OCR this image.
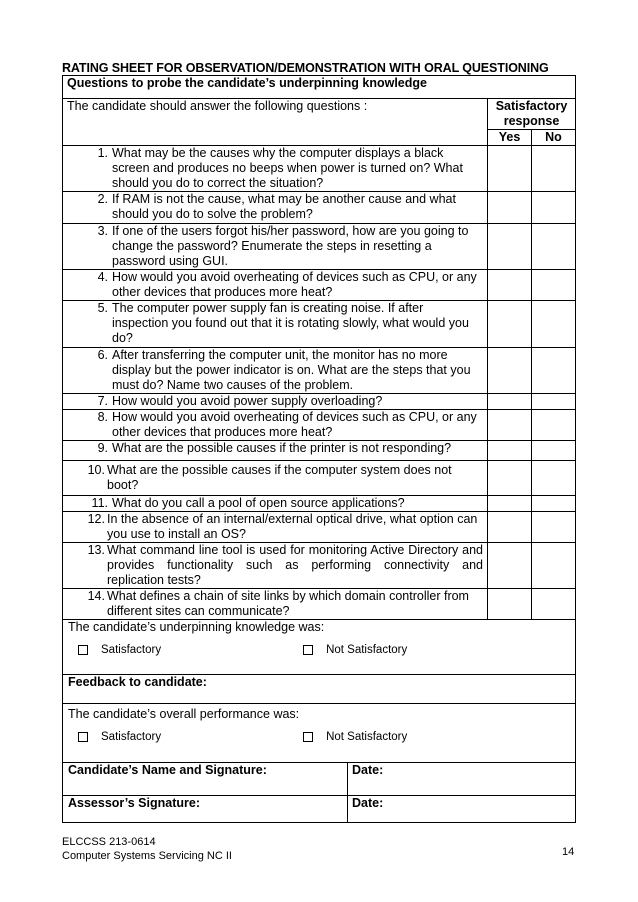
RATING SHEET FOR OBSERVATION/DEMONSTRATION WITH ORAL QUESTIONING
Questions to probe the candidate’s underpinning knowledge			
The candidate should answer the following questions :		Satisfactory response	
		Yes	No

1. What may be the causes why the computer displays a black screen and produces no beeps when power is turned on? What should you do to correct the situation?			

2. If RAM is not the cause, what may be another cause and what should you do to solve the problem?			

3. If one of the users forgot his/her password, how are you going to change the password? Enumerate the steps in resetting a password using GUI.			

4. How would you avoid overheating of devices such as CPU, or any other devices that produces more heat?			

5. The computer power supply fan is creating noise. If after inspection you found out that it is rotating slowly, what would you do?			

6. After transferring the computer unit, the monitor has no more display but the power indicator is on. What are the steps that you must do? Name two causes of the problem.			

7. How would you avoid power supply overloading?			

8. How would you avoid overheating of devices such as CPU, or any other devices that produces more heat?			

9. What are the possible causes if the printer is not responding?			

10. What are the possible causes if the computer system does not boot?			

11. What do you call a pool of open source applications?			

12. In the absence of an internal/external optical drive, what option can you use to install an OS?			

13. What command line tool is used for monitoring Active Directory and provides functionality such as performing connectivity and replication tests?			

14. What defines a chain of site links by which domain controller from different sites can communicate?			

The candidate’s underpinning knowledge was:
Satisfactory Not Satisfactory			

Feedback to candidate:			

The candidate’s overall performance was:
Satisfactory Not Satisfactory			

Candidate’s Name and Signature:	Date:		
Assessor’s Signature:	Date:		
ELCCSS 213-0614
Computer Systems Servicing NC II	14
